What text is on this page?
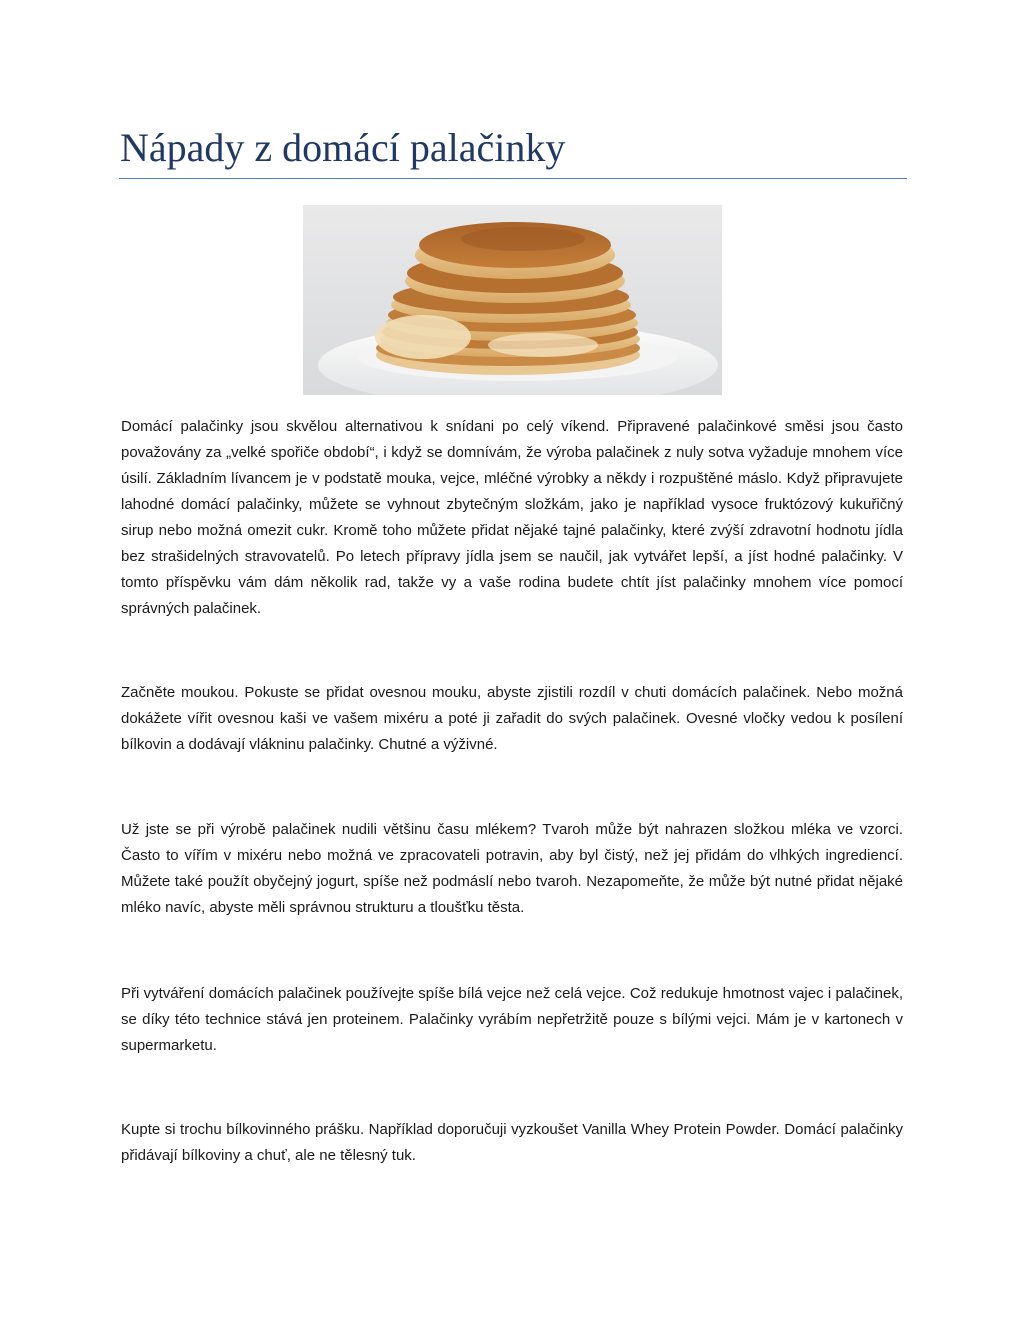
Nápady z domácí palačinky

Domácí palačinky jsou skvělou alternativou k snídani po celý víkend. Připravené palačinkové směsi jsou často považovány za „velké spořiče období“, i když se domnívám, že výroba palačinek z nuly sotva vyžaduje mnohem více úsilí. Základním lívancem je v podstatě mouka, vejce, mléčné výrobky a někdy i rozpuštěné máslo. Když připravujete lahodné domácí palačinky, můžete se vyhnout zbytečným složkám, jako je například vysoce fruktózový kukuřičný sirup nebo možná omezit cukr. Kromě toho můžete přidat nějaké tajné palačinky, které zvýší zdravotní hodnotu jídla bez strašidelných stravovatelů. Po letech přípravy jídla jsem se naučil, jak vytvářet lepší, a jíst hodné palačinky. V tomto příspěvku vám dám několik rad, takže vy a vaše rodina budete chtít jíst palačinky mnohem více pomocí správných palačinek.

Začněte moukou. Pokuste se přidat ovesnou mouku, abyste zjistili rozdíl v chuti domácích palačinek. Nebo možná dokážete vířit ovesnou kaši ve vašem mixéru a poté ji zařadit do svých palačinek. Ovesné vločky vedou k posílení bílkovin a dodávají vlákninu palačinky. Chutné a výživné.

Už jste se při výrobě palačinek nudili většinu času mlékem? Tvaroh může být nahrazen složkou mléka ve vzorci. Často to vířím v mixéru nebo možná ve zpracovateli potravin, aby byl čistý, než jej přidám do vlhkých ingrediencí. Můžete také použít obyčejný jogurt, spíše než podmáslí nebo tvaroh. Nezapomeňte, že může být nutné přidat nějaké mléko navíc, abyste měli správnou strukturu a tloušťku těsta.

Při vytváření domácích palačinek používejte spíše bílá vejce než celá vejce. Což redukuje hmotnost vajec i palačinek, se díky této technice stává jen proteinem. Palačinky vyrábím nepřetržitě pouze s bílými vejci. Mám je v kartonech v supermarketu.

Kupte si trochu bílkovinného prášku. Například doporučuji vyzkoušet Vanilla Whey Protein Powder. Domácí palačinky přidávají bílkoviny a chuť, ale ne tělesný tuk.
